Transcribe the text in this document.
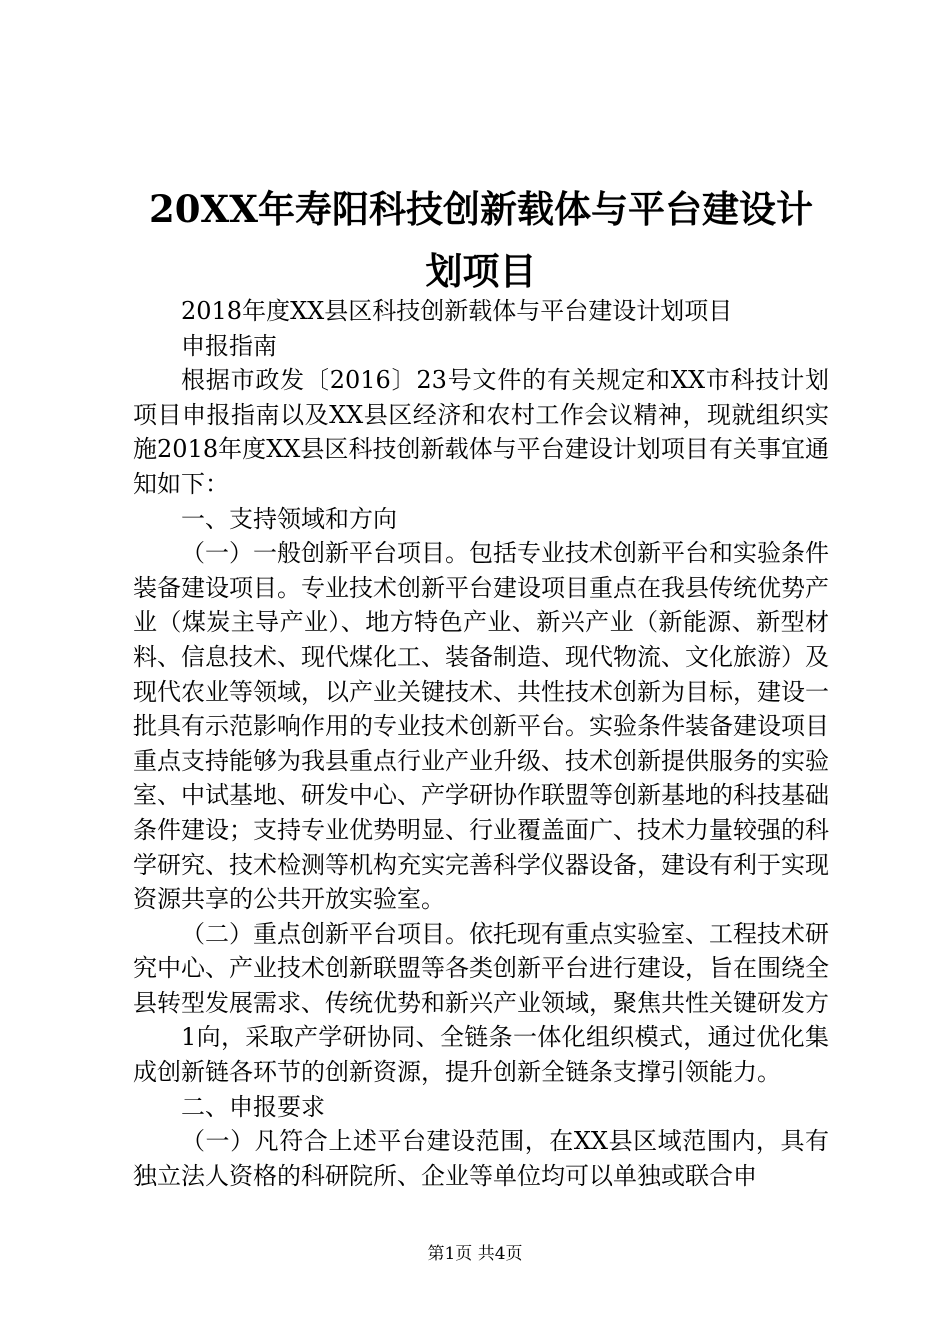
20XX年寿阳科技创新载体与平台建设计划项目

2018年度XX县区科技创新载体与平台建设计划项目

申报指南

根据市政发〔2016〕23号文件的有关规定和XX市科技计划项目申报指南以及XX县区经济和农村工作会议精神，现就组织实施2018年度XX县区科技创新载体与平台建设计划项目有关事宜通知如下：

一、支持领域和方向

（一）一般创新平台项目。包括专业技术创新平台和实验条件装备建设项目。专业技术创新平台建设项目重点在我县传统优势产业（煤炭主导产业）、地方特色产业、新兴产业（新能源、新型材料、信息技术、现代煤化工、装备制造、现代物流、文化旅游）及现代农业等领域，以产业关键技术、共性技术创新为目标，建设一批具有示范影响作用的专业技术创新平台。实验条件装备建设项目重点支持能够为我县重点行业产业升级、技术创新提供服务的实验室、中试基地、研发中心、产学研协作联盟等创新基地的科技基础条件建设；支持专业优势明显、行业覆盖面广、技术力量较强的科学研究、技术检测等机构充实完善科学仪器设备，建设有利于实现资源共享的公共开放实验室。

（二）重点创新平台项目。依托现有重点实验室、工程技术研究中心、产业技术创新联盟等各类创新平台进行建设，旨在围绕全县转型发展需求、传统优势和新兴产业领域，聚焦共性关键研发方

1向，采取产学研协同、全链条一体化组织模式，通过优化集成创新链各环节的创新资源，提升创新全链条支撑引领能力。

二、申报要求

（一）凡符合上述平台建设范围，在XX县区域范围内，具有独立法人资格的科研院所、企业等单位均可以单独或联合申

第1页 共4页
